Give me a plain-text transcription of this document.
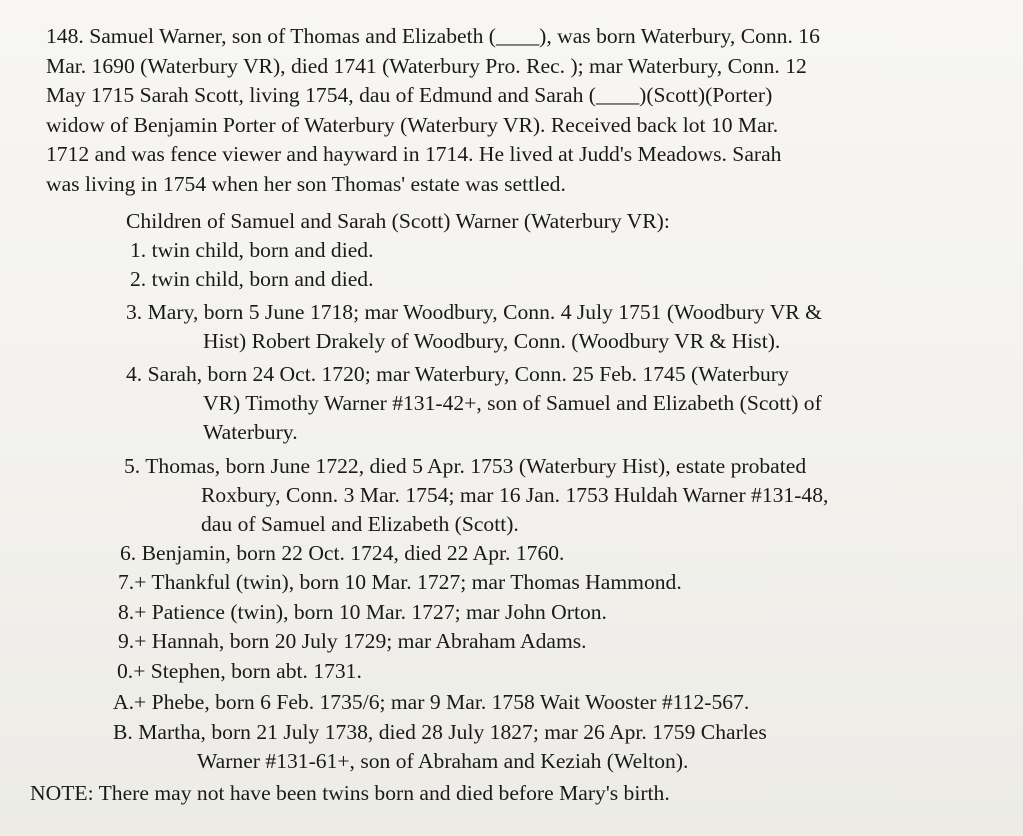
148. Samuel Warner, son of Thomas and Elizabeth (____), was born Waterbury, Conn. 16
Mar. 1690 (Waterbury VR), died 1741 (Waterbury Pro. Rec. ); mar Waterbury, Conn. 12
May 1715 Sarah Scott, living 1754, dau of Edmund and Sarah (____)(Scott)(Porter)
widow of Benjamin Porter of Waterbury (Waterbury VR). Received back lot 10 Mar.
1712 and was fence viewer and hayward in 1714. He lived at Judd's Meadows. Sarah
was living in 1754 when her son Thomas' estate was settled.

Children of Samuel and Sarah (Scott) Warner (Waterbury VR):
1. twin child, born and died.
2. twin child, born and died.
3. Mary, born 5 June 1718; mar Woodbury, Conn. 4 July 1751 (Woodbury VR &
Hist) Robert Drakely of Woodbury, Conn. (Woodbury VR & Hist).
4. Sarah, born 24 Oct. 1720; mar Waterbury, Conn. 25 Feb. 1745 (Waterbury
VR) Timothy Warner #131-42+, son of Samuel and Elizabeth (Scott) of
Waterbury.
5. Thomas, born June 1722, died 5 Apr. 1753 (Waterbury Hist), estate probated
Roxbury, Conn. 3 Mar. 1754; mar 16 Jan. 1753 Huldah Warner #131-48,
dau of Samuel and Elizabeth (Scott).
6. Benjamin, born 22 Oct. 1724, died 22 Apr. 1760.
7.+ Thankful (twin), born 10 Mar. 1727; mar Thomas Hammond.
8.+ Patience (twin), born 10 Mar. 1727; mar John Orton.
9.+ Hannah, born 20 July 1729; mar Abraham Adams.
0.+ Stephen, born abt. 1731.
A.+ Phebe, born 6 Feb. 1735/6; mar 9 Mar. 1758 Wait Wooster #112-567.
B. Martha, born 21 July 1738, died 28 July 1827; mar 26 Apr. 1759 Charles
Warner #131-61+, son of Abraham and Keziah (Welton).
NOTE: There may not have been twins born and died before Mary's birth.
